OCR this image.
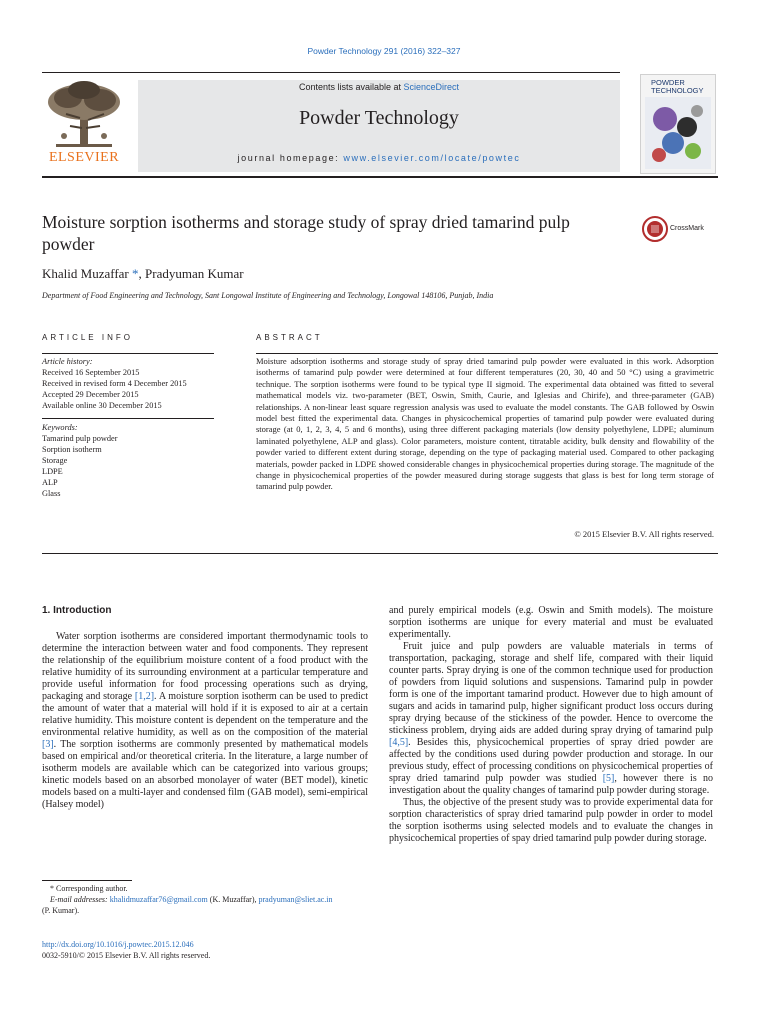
Powder Technology 291 (2016) 322–327
ELSEVIER
Contents lists available at ScienceDirect
Powder Technology
journal homepage: www.elsevier.com/locate/powtec
POWDER TECHNOLOGY
Moisture sorption isotherms and storage study of spray dried tamarind pulp powder
CrossMark
Khalid Muzaffar *, Pradyuman Kumar
Department of Food Engineering and Technology, Sant Longowal Institute of Engineering and Technology, Longowal 148106, Punjab, India
ARTICLE INFO
Article history:
Received 16 September 2015
Received in revised form 4 December 2015
Accepted 29 December 2015
Available online 30 December 2015
Keywords:
Tamarind pulp powder
Sorption isotherm
Storage
LDPE
ALP
Glass
ABSTRACT
Moisture adsorption isotherms and storage study of spray dried tamarind pulp powder were evaluated in this work. Adsorption isotherms of tamarind pulp powder were determined at four different temperatures (20, 30, 40 and 50 °C) using a gravimetric technique. The sorption isotherms were found to be typical type II sigmoid. The experimental data obtained was fitted to several mathematical models viz. two-parameter (BET, Oswin, Smith, Caurie, and Iglesias and Chirife), and three-parameter (GAB) relationships. A non-linear least square regression analysis was used to evaluate the model constants. The GAB followed by Oswin model best fitted the experimental data. Changes in physicochemical properties of tamarind pulp powder were evaluated during storage (at 0, 1, 2, 3, 4, 5 and 6 months), using three different packaging materials (low density polyethylene, LDPE; aluminum laminated polyethylene, ALP and glass). Color parameters, moisture content, titratable acidity, bulk density and flowability of the powder varied to different extent during storage, depending on the type of packaging material used. Compared to other packaging materials, powder packed in LDPE showed considerable changes in physicochemical properties during storage. The magnitude of the change in physicochemical properties of the powder measured during storage suggests that glass is best for long term storage of tamarind pulp powder.
© 2015 Elsevier B.V. All rights reserved.
1. Introduction

Water sorption isotherms are considered important thermodynamic tools to determine the interaction between water and food components. They represent the relationship of the equilibrium moisture content of a food product with the relative humidity of its surrounding environment at a particular temperature and provide useful information for food processing operations such as drying, packaging and storage [1,2]. A moisture sorption isotherm can be used to predict the amount of water that a material will hold if it is exposed to air at a certain relative humidity. This moisture content is dependent on the temperature and the environmental relative humidity, as well as on the composition of the material [3]. The sorption isotherms are commonly presented by mathematical models based on empirical and/or theoretical criteria. In the literature, a large number of isotherm models are available which can be categorized into various groups; kinetic models based on an absorbed monolayer of water (BET model), kinetic models based on a multi-layer and condensed film (GAB model), semi-empirical (Halsey model)

and purely empirical models (e.g. Oswin and Smith models). The moisture sorption isotherms are unique for every material and must be evaluated experimentally.

Fruit juice and pulp powders are valuable materials in terms of transportation, packaging, storage and shelf life, compared with their liquid counter parts. Spray drying is one of the common technique used for production of powders from liquid solutions and suspensions. Tamarind pulp in powder form is one of the important tamarind product. However due to high amount of sugars and acids in tamarind pulp, higher significant product loss occurs during spray drying because of the stickiness of the powder. Hence to overcome the stickiness problem, drying aids are added during spray drying of tamarind pulp [4,5]. Besides this, physicochemical properties of spray dried powder are affected by the conditions used during powder production and storage. In our previous study, effect of processing conditions on physicochemical properties of spray dried tamarind pulp powder was studied [5], however there is no investigation about the quality changes of tamarind pulp powder during storage.

Thus, the objective of the present study was to provide experimental data for sorption characteristics of spray dried tamarind pulp powder in order to model the sorption isotherms using selected models and to evaluate the changes in physicochemical properties of spay dried tamarind pulp powder during storage.

* Corresponding author.
E-mail addresses: khalidmuzaffar76@gmail.com (K. Muzaffar), pradyuman@sliet.ac.in
(P. Kumar).
http://dx.doi.org/10.1016/j.powtec.2015.12.046
0032-5910/© 2015 Elsevier B.V. All rights reserved.
